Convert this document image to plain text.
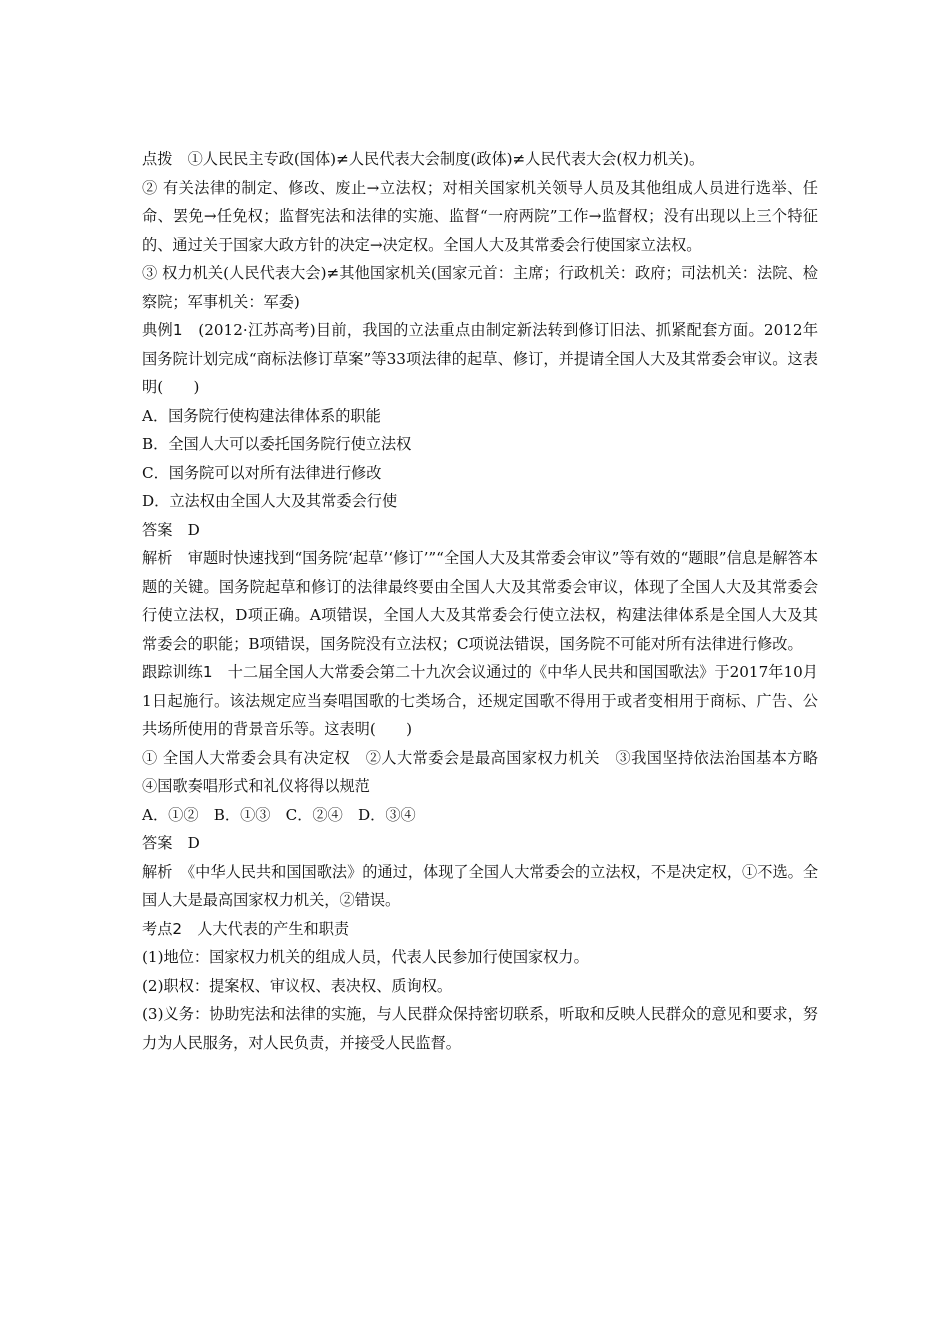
点拨　 ①人民民主专政(国体)≠人民代表大会制度(政体)≠人民代表大会(权力机关)。

② 有关法律的制定、修改、废止→立法权；对相关国家机关领导人员及其他组成人员进行选举、任命、罢免→任免权；监督宪法和法律的实施、监督“一府两院”工作→监督权；没有出现以上三个特征的、通过关于国家大政方针的决定→决定权。全国人大及其常委会行使国家立法权。

③ 权力机关(人民代表大会)≠其他国家机关(国家元首：主席；行政机关：政府；司法机关：法院、检察院；军事机关：军委)

典例1　 (2012·江苏高考)目前，我国的立法重点由制定新法转到修订旧法、抓紧配套方面。2012年国务院计划完成“商标法修订草案”等33项法律的起草、修订，并提请全国人大及其常委会审议。这表明(　　)

A．国务院行使构建法律体系的职能

B．全国人大可以委托国务院行使立法权

C．国务院可以对所有法律进行修改

D．立法权由全国人大及其常委会行使

答案　 D

解析　 审题时快速找到“国务院‘起草’‘修订’”“全国人大及其常委会审议”等有效的“题眼”信息是解答本题的关键。国务院起草和修订的法律最终要由全国人大及其常委会审议，体现了全国人大及其常委会行使立法权，D项正确。A项错误，全国人大及其常委会行使立法权，构建法律体系是全国人大及其常委会的职能；B项错误，国务院没有立法权；C项说法错误，国务院不可能对所有法律进行修改。

跟踪训练1　 十二届全国人大常委会第二十九次会议通过的《中华人民共和国国歌法》于2017年10月1日起施行。该法规定应当奏唱国歌的七类场合，还规定国歌不得用于或者变相用于商标、广告、公共场所使用的背景音乐等。这表明(　　)

① 全国人大常委会具有决定权　②人大常委会是最高国家权力机关　③我国坚持依法治国基本方略　④国歌奏唱形式和礼仪将得以规范

A．①②　B．①③　C．②④　D．③④

答案　 D

解析　 《中华人民共和国国歌法》的通过，体现了全国人大常委会的立法权，不是决定权，①不选。全国人大是最高国家权力机关，②错误。

考点2　 人大代表的产生和职责

(1)地位：国家权力机关的组成人员，代表人民参加行使国家权力。

(2)职权：提案权、审议权、表决权、质询权。

(3)义务：协助宪法和法律的实施，与人民群众保持密切联系，听取和反映人民群众的意见和要求，努力为人民服务，对人民负责，并接受人民监督。
